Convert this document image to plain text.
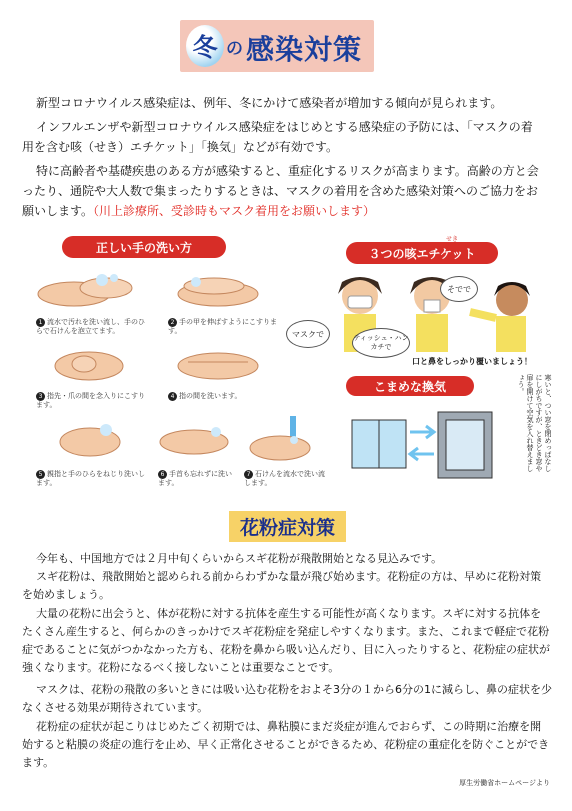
冬 の 感染対策

新型コロナウイルス感染症は、例年、冬にかけて感染者が増加する傾向が見られます。

インフルエンザや新型コロナウイルス感染症をはじめとする感染症の予防には、「マスクの着用を含む咳（せき）エチケット」「換気」などが有効です。

特に高齢者や基礎疾患のある方が感染すると、重症化するリスクが高まります。高齢の方と会ったり、通院や大人数で集まったりするときは、マスクの着用を含めた感染対策へのご協力をお願いします。（川上診療所、受診時もマスク着用をお願いします）

正しい手の洗い方
1 流水で汚れを洗い流し、手のひらで石けんを泡立てます。
2 手の甲を伸ばすようにこすります。
3 指先・爪の間を念入りにこすります。
4 指の間を洗います。
5 親指と手のひらをねじり洗いします。
6 手首も忘れずに洗います。
7 石けんを流水で洗い流します。
３つの咳エチケット
せき
マスクで	ティッシュ・ハンカチで
そでで
口と鼻をしっかり覆いましょう！
こまめな換気	寒いと、つい窓を閉めっぱなしにしがちですが、ときどき窓や扉を開けて空気を入れ替えましょう。
花粉症対策

今年も、中国地方では２月中旬くらいからスギ花粉が飛散開始となる見込みです。

スギ花粉は、飛散開始と認められる前からわずかな量が飛び始めます。花粉症の方は、早めに花粉対策を始めましょう。

大量の花粉に出会うと、体が花粉に対する抗体を産生する可能性が高くなります。スギに対する抗体をたくさん産生すると、何らかのきっかけでスギ花粉症を発症しやすくなります。また、これまで軽症で花粉症であることに気がつかなかった方も、花粉を鼻から吸い込んだり、目に入ったりすると、花粉症の症状が強くなります。花粉になるべく接しないことは重要なことです。

マスクは、花粉の飛散の多いときには吸い込む花粉をおよそ3分の１から6分の1に減らし、鼻の症状を少なくさせる効果が期待されています。

花粉症の症状が起こりはじめたごく初期では、鼻粘膜にまだ炎症が進んでおらず、この時期に治療を開始すると粘膜の炎症の進行を止め、早く正常化させることができるため、花粉症の重症化を防ぐことができます。

厚生労働省ホームページより
